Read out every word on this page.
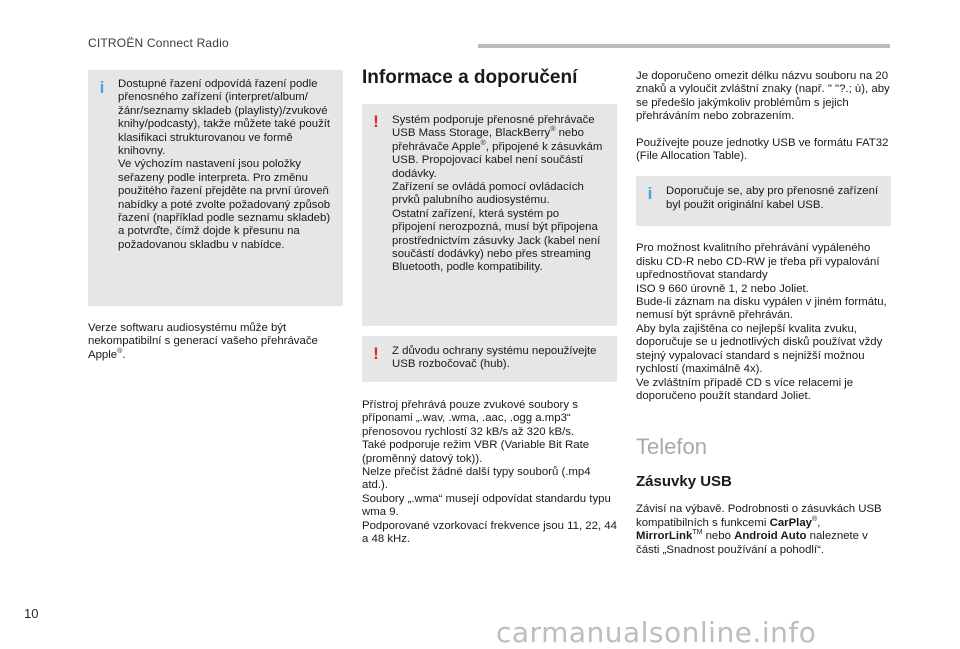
CITROËN Connect Radio
i	Dostupné řazení odpovídá řazení podle přenosného zařízení (interpret/album/žánr/seznamy skladeb (playlisty)/zvukové knihy/podcasty), takže můžete také použít klasifikaci strukturovanou ve formě knihovny.

Ve výchozím nastavení jsou položky seřazeny podle interpreta. Pro změnu použitého řazení přejděte na první úroveň nabídky a poté zvolte požadovaný způsob řazení (například podle seznamu skladeb) a potvrďte, čímž dojde k přesunu na požadovanou skladbu v nabídce.

Verze softwaru audiosystému může být nekompatibilní s generací vašeho přehrávače Apple®.

Informace a doporučení
! Systém podporuje přenosné přehrávače USB Mass Storage, BlackBerry® nebo přehrávače Apple®, připojené k zásuvkám USB. Propojovací kabel není součástí dodávky.

Zařízení se ovládá pomocí ovládacích prvků palubního audiosystému.

Ostatní zařízení, která systém po připojení nerozpozná, musí být připojena prostřednictvím zásuvky Jack (kabel není součástí dodávky) nebo přes streaming Bluetooth, podle kompatibility.

! Z důvodu ochrany systému nepoužívejte USB rozbočovač (hub).

Přístroj přehrává pouze zvukové soubory s příponami „.wav, .wma, .aac, .ogg a.mp3“ přenosovou rychlostí 32 kB/s až 320 kB/s.

Také podporuje režim VBR (Variable Bit Rate (proměnný datový tok)).

Nelze přečíst žádné další typy souborů (.mp4 atd.).

Soubory „.wma“ musejí odpovídat standardu typu wma 9.

Podporované vzorkovací frekvence jsou 11, 22, 44 a 48 kHz.

Je doporučeno omezit délku názvu souboru na 20 znaků a vyloučit zvláštní znaky (např. " "?.; ù), aby se předešlo jakýmkoliv problémům s jejich přehráváním nebo zobrazením.

Používejte pouze jednotky USB ve formátu FAT32 (File Allocation Table).

i	Doporučuje se, aby pro přenosné zařízení byl použit originální kabel USB.

Pro možnost kvalitního přehrávání vypáleného disku CD-R nebo CD-RW je třeba při vypalování upřednostňovat standardy

ISO 9 660 úrovně 1, 2 nebo Joliet.

Bude-li záznam na disku vypálen v jiném formátu, nemusí být správně přehráván.

Aby byla zajištěna co nejlepší kvalita zvuku, doporučuje se u jednotlivých disků používat vždy stejný vypalovací standard s nejnižší možnou rychlostí (maximálně 4x).

Ve zvláštním případě CD s více relacemi je doporučeno použít standard Joliet.

Telefon
Zásuvky USB

Závisí na výbavě. Podrobnosti o zásuvkách USB kompatibilních s funkcemi CarPlay®,
MirrorLink™ nebo Android Auto naleznete v části „Snadnost používání a pohodlí“.

10
carmanualsonline.info
